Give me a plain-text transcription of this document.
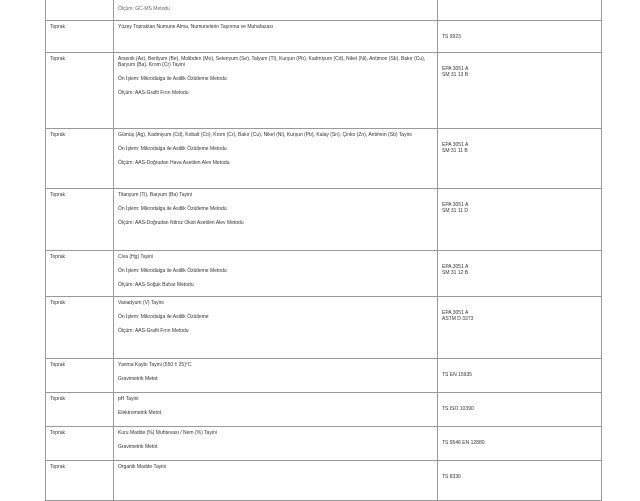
	Ölçüm: GC-MS Metodu	

Toprak	Yüzey Topraktan Numune Alma, Numunelerin Taşınma ve Muhafazası	TS 9923

Toprak	Arsenik (As), Berilyum (Be), Molibden (Mo), Selenyum (Se), Talyum (Tl), Kurşun (Pb), Kadmiyum (Cd), Nikel (Ni), Antimon (Sb), Bakır (Cu), Baryum (Ba), Krom (Cr) Tayini
Ön İşlem: Mikrodalga ile Asitlik Özütleme Metodu
Ölçüm: AAS-Grafit Fırın Metodu	EPA 3051 A
SM 31 13 B

Toprak	Gümüş (Ag), Kadmiyum (Cd), Kobalt (Co), Krom (Cr), Bakır (Cu), Nikel (Ni), Kurşun (Pb), Kalay (Sn), Çinko (Zn), Antimon (Sb) Tayini
Ön İşlem: Mikrodalga ile Asitlik Özütleme Metodu
Ölçüm: AAS-Doğrudan Hava Asetilen Alev Metodu	EPA 3051 A
SM 31 11 B

Toprak	Titanyum (Ti), Baryum (Ba) Tayini
Ön İşlem: Mikrodalga ile Asitlik Özütleme Metodu
Ölçüm: AAS-Doğrudan Nitroz Oksit Asetilen Alev Metodu	EPA 3051 A
SM 31 11 D

Toprak	Civa (Hg) Tayini
Ön İşlem: Mikrodalga ile Asitlik Özütleme Metodu
Ölçüm: AAS-Soğuk Buhar Metodu	EPA 3051 A
SM 31 12 B

Toprak	Vanadyum (V) Tayini
Ön İşlem: Mikrodalga ile Asitlik Özütleme
Ölçüm: AAS-Grafit Fırın Metodu	EPA 3051 A
ASTM D 3373

Toprak	Yanma Kaybı Tayini (550 ± 25)°C
Gravimetrik Metot	TS EN 15935

Toprak	pH Tayini
Elektrometrik Metot	TS ISO 10390

Toprak	Kuru Madde (%) Muhtevası / Nem (%) Tayini
Gravimetrik Metot	TS 9546 EN 12880

Toprak	Organik Madde Tayini	TS 8336
